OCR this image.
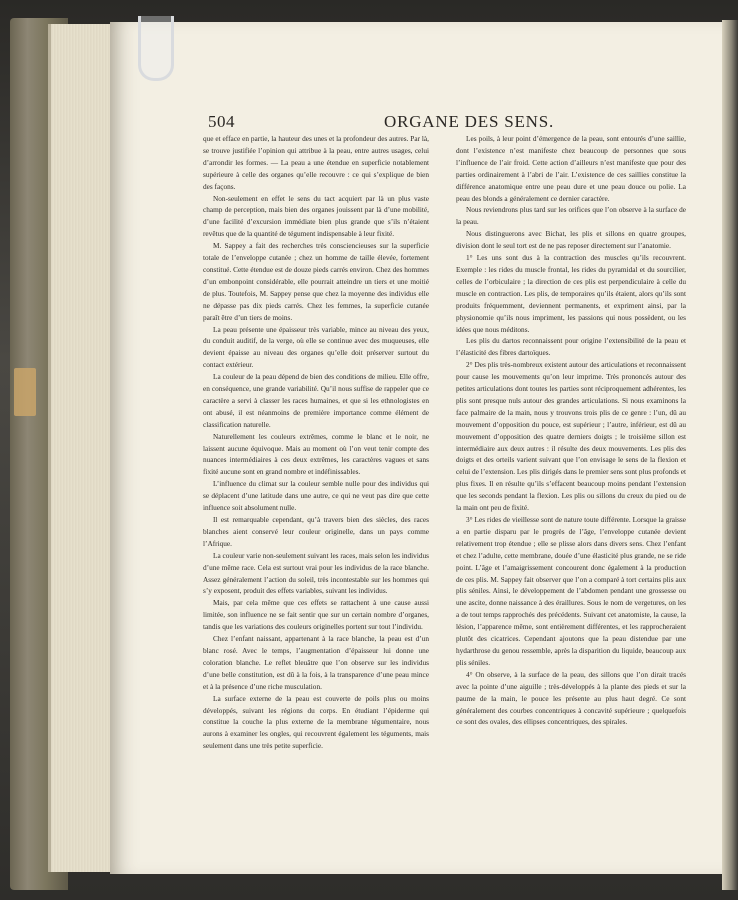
504	ORGANE DES SENS.

que et efface en partie, la hauteur des unes et la profondeur des autres. Par là, se trouve justifiée l’opinion qui attribue à la peau, entre autres usages, celui d’arrondir les formes. — La peau a une étendue en superficie notablement supérieure à celle des organes qu’elle recouvre : ce qui s’explique de bien des façons.

Non-seulement en effet le sens du tact acquiert par là un plus vaste champ de perception, mais bien des organes jouissent par là d’une mobilité, d’une facilité d’excursion immédiate bien plus grande que s’ils n’étaient revêtus que de la quantité de tégument indispensable à leur fixité.

M. Sappey a fait des recherches très consciencieuses sur la superficie totale de l’enveloppe cutanée ; chez un homme de taille élevée, fortement constitué. Cette étendue est de douze pieds carrés environ. Chez des hommes d’un embonpoint considérable, elle pourrait atteindre un tiers et une moitié de plus. Toutefois, M. Sappey pense que chez la moyenne des individus elle ne dépasse pas dix pieds carrés. Chez les femmes, la superficie cutanée paraît être d’un tiers de moins.

La peau présente une épaisseur très variable, mince au niveau des yeux, du conduit auditif, de la verge, où elle se continue avec des muqueuses, elle devient épaisse au niveau des organes qu’elle doit préserver surtout du contact extérieur.

La couleur de la peau dépend de bien des conditions de milieu. Elle offre, en conséquence, une grande variabilité. Qu’il nous suffise de rappeler que ce caractère a servi à classer les races humaines, et que si les ethnologistes en ont abusé, il est néanmoins de première importance comme élément de classification naturelle.

Naturellement les couleurs extrêmes, comme le blanc et le noir, ne laissent aucune équivoque. Mais au moment où l’on veut tenir compte des nuances intermédiaires à ces deux extrêmes, les caractères vagues et sans fixité aucune sont en grand nombre et indéfinissables.

L’influence du climat sur la couleur semble nulle pour des individus qui se déplacent d’une latitude dans une autre, ce qui ne veut pas dire que cette influence soit absolument nulle.

Il est remarquable cependant, qu’à travers bien des siècles, des races blanches aient conservé leur couleur originelle, dans un pays comme l’Afrique.

La couleur varie non-seulement suivant les races, mais selon les individus d’une même race. Cela est surtout vrai pour les individus de la race blanche. Assez généralement l’action du soleil, très incontestable sur les hommes qui s’y exposent, produit des effets variables, suivant les individus.

Mais, par cela même que ces effets se rattachent à une cause aussi limitée, son influence ne se fait sentir que sur un certain nombre d’organes, tandis que les variations des couleurs originelles portent sur tout l’individu.

Chez l’enfant naissant, appartenant à la race blanche, la peau est d’un blanc rosé. Avec le temps, l’augmentation d’épaisseur lui donne une coloration blanche. Le reflet bleuâtre que l’on observe sur les individus d’une belle constitution, est dû à la fois, à la transparence d’une peau mince et à la présence d’une riche musculation.

La surface externe de la peau est couverte de poils plus ou moins développés, suivant les régions du corps. En étudiant l’épiderme qui constitue la couche la plus externe de la membrane tégumentaire, nous aurons à examiner les ongles, qui recouvrent également les téguments, mais seulement dans une très petite superficie.

Les poils, à leur point d’émergence de la peau, sont entourés d’une saillie, dont l’existence n’est manifeste chez beaucoup de personnes que sous l’influence de l’air froid. Cette action d’ailleurs n’est manifeste que pour des parties ordinairement à l’abri de l’air. L’existence de ces saillies constitue la différence anatomique entre une peau dure et une peau douce ou polie. La peau des blonds a généralement ce dernier caractère.

Nous reviendrons plus tard sur les orifices que l’on observe à la surface de la peau.

Nous distinguerons avec Bichat, les plis et sillons en quatre groupes, division dont le seul tort est de ne pas reposer directement sur l’anatomie.

1° Les uns sont dus à la contraction des muscles qu’ils recouvrent. Exemple : les rides du muscle frontal, les rides du pyramidal et du sourcilier, celles de l’orbiculaire ; la direction de ces plis est perpendiculaire à celle du muscle en contraction. Les plis, de temporaires qu’ils étaient, alors qu’ils sont produits fréquemment, deviennent permanents, et expriment ainsi, par la physionomie qu’ils nous impriment, les passions qui nous possèdent, ou les idées que nous méditons.

Les plis du dartos reconnaissent pour origine l’extensibilité de la peau et l’élasticité des fibres dartoïques.

2° Des plis très-nombreux existent autour des articulations et reconnaissent pour cause les mouvements qu’on leur imprime. Très prononcés autour des petites articulations dont toutes les parties sont réciproquement adhérentes, les plis sont presque nuls autour des grandes articulations. Si nous examinons la face palmaire de la main, nous y trouvons trois plis de ce genre : l’un, dû au mouvement d’opposition du pouce, est supérieur ; l’autre, inférieur, est dû au mouvement d’opposition des quatre derniers doigts ; le troisième sillon est intermédiaire aux deux autres : il résulte des deux mouvements. Les plis des doigts et des orteils varient suivant que l’on envisage le sens de la flexion et celui de l’extension. Les plis dirigés dans le premier sens sont plus profonds et plus fixes. Il en résulte qu’ils s’effacent beaucoup moins pendant l’extension que les seconds pendant la flexion. Les plis ou sillons du creux du pied ou de la main ont peu de fixité.

3° Les rides de vieillesse sont de nature toute différente. Lorsque la graisse a en partie disparu par le progrès de l’âge, l’enveloppe cutanée devient relativement trop étendue ; elle se plisse alors dans divers sens. Chez l’enfant et chez l’adulte, cette membrane, douée d’une élasticité plus grande, ne se ride point. L’âge et l’amaigrissement concourent donc également à la production de ces plis. M. Sappey fait observer que l’on a comparé à tort certains plis aux plis séniles. Ainsi, le développement de l’abdomen pendant une grossesse ou une ascite, donne naissance à des éraillures. Sous le nom de vergetures, on les a de tout temps rapprochés des précédents. Suivant cet anatomiste, la cause, la lésion, l’apparence même, sont entièrement différentes, et les rapprocheraient plutôt des cicatrices. Cependant ajoutons que la peau distendue par une hydarthrose du genou ressemble, après la disparition du liquide, beaucoup aux plis séniles.

4° On observe, à la surface de la peau, des sillons que l’on dirait tracés avec la pointe d’une aiguille ; très-développés à la plante des pieds et sur la paume de la main, le pouce les présente au plus haut degré. Ce sont généralement des courbes concentriques à concavité supérieure ; quelquefois ce sont des ovales, des ellipses concentriques, des spirales.
